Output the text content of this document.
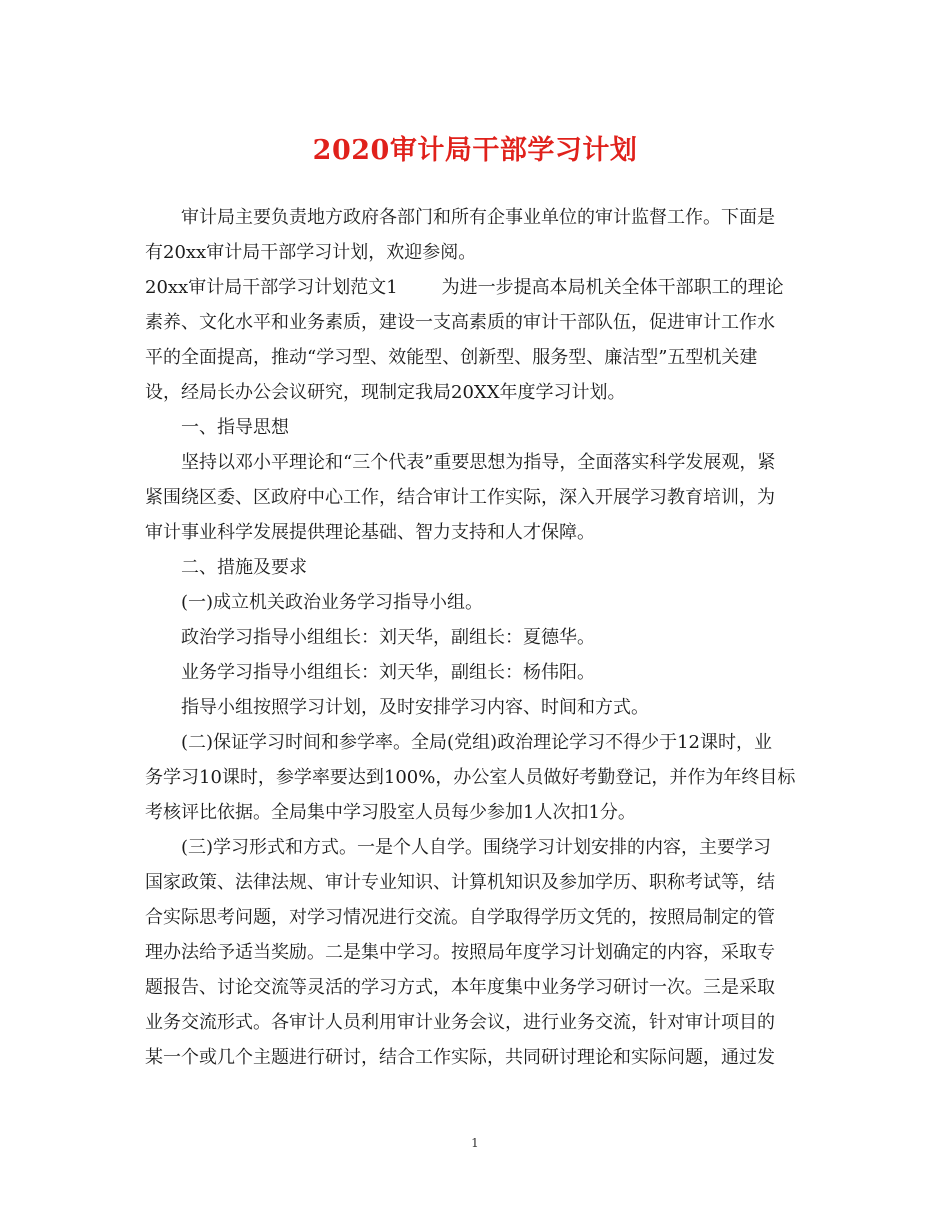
2020审计局干部学习计划
审计局主要负责地方政府各部门和所有企事业单位的审计监督工作。下面是
有20xx审计局干部学习计划，欢迎参阅。
20xx审计局干部学习计划范文1 为进一步提高本局机关全体干部职工的理论
素养、文化水平和业务素质，建设一支高素质的审计干部队伍，促进审计工作水
平的全面提高，推动“学习型、效能型、创新型、服务型、廉洁型”五型机关建
设，经局长办公会议研究，现制定我局20XX年度学习计划。
一、指导思想
坚持以邓小平理论和“三个代表”重要思想为指导，全面落实科学发展观，紧
紧围绕区委、区政府中心工作，结合审计工作实际，深入开展学习教育培训，为
审计事业科学发展提供理论基础、智力支持和人才保障。
二、措施及要求
(一)成立机关政治业务学习指导小组。
政治学习指导小组组长：刘天华，副组长：夏德华。
业务学习指导小组组长：刘天华，副组长：杨伟阳。
指导小组按照学习计划，及时安排学习内容、时间和方式。
(二)保证学习时间和参学率。全局(党组)政治理论学习不得少于12课时，业
务学习10课时，参学率要达到100%，办公室人员做好考勤登记，并作为年终目标
考核评比依据。全局集中学习股室人员每少参加1人次扣1分。
(三)学习形式和方式。一是个人自学。围绕学习计划安排的内容，主要学习
国家政策、法律法规、审计专业知识、计算机知识及参加学历、职称考试等，结
合实际思考问题，对学习情况进行交流。自学取得学历文凭的，按照局制定的管
理办法给予适当奖励。二是集中学习。按照局年度学习计划确定的内容，采取专
题报告、讨论交流等灵活的学习方式，本年度集中业务学习研讨一次。三是采取
业务交流形式。各审计人员利用审计业务会议，进行业务交流，针对审计项目的
某一个或几个主题进行研讨，结合工作实际，共同研讨理论和实际问题，通过发
1
